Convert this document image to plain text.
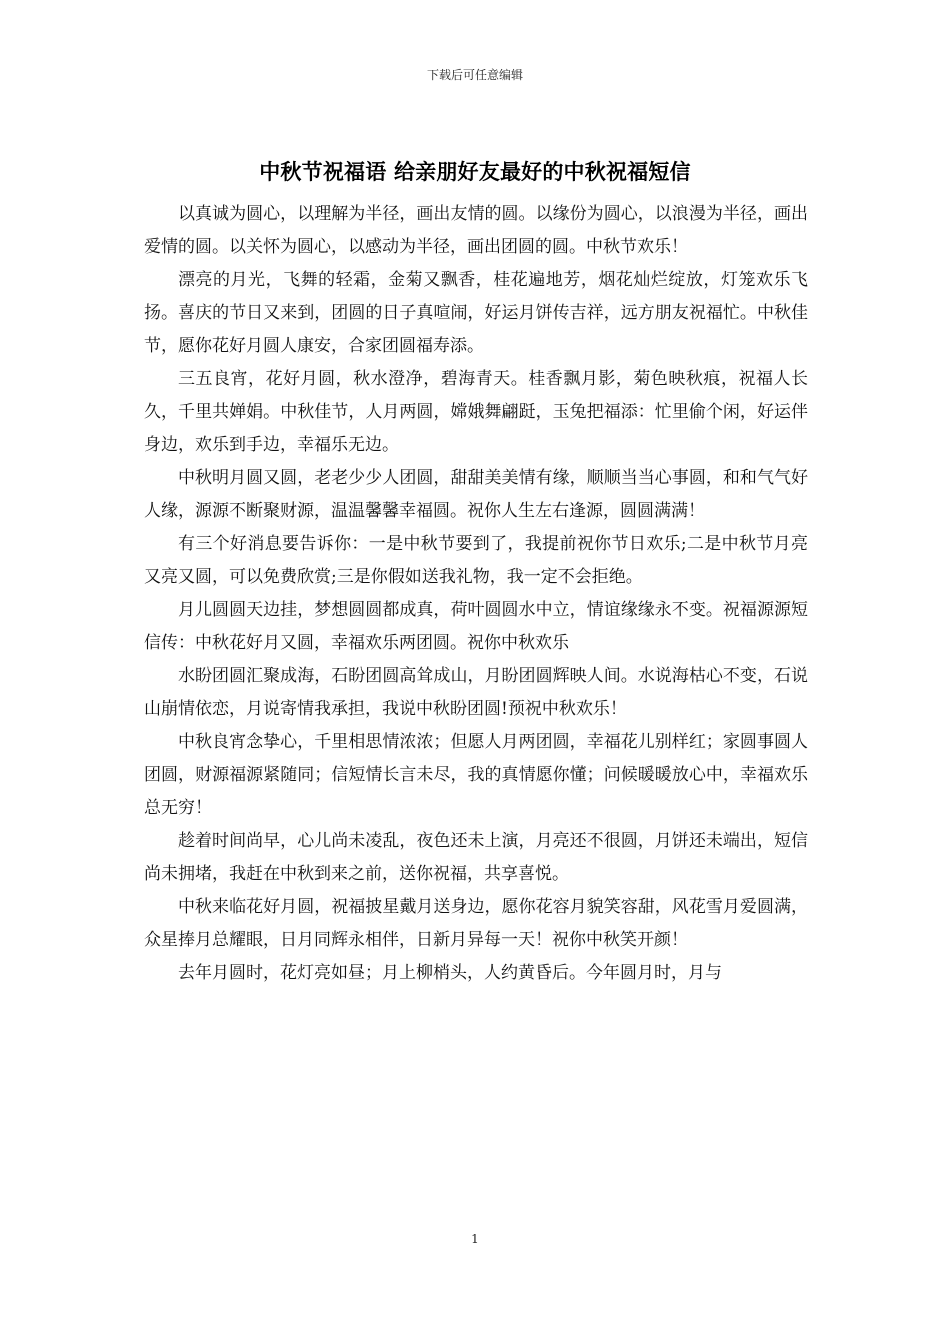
下载后可任意编辑
中秋节祝福语 给亲朋好友最好的中秋祝福短信

以真诚为圆心，以理解为半径，画出友情的圆。以缘份为圆心，以浪漫为半径，画出爱情的圆。以关怀为圆心，以感动为半径，画出团圆的圆。中秋节欢乐！

漂亮的月光，飞舞的轻霜，金菊又飘香，桂花遍地芳，烟花灿烂绽放，灯笼欢乐飞扬。喜庆的节日又来到，团圆的日子真喧闹，好运月饼传吉祥，远方朋友祝福忙。中秋佳节，愿你花好月圆人康安，合家团圆福寿添。

三五良宵，花好月圆，秋水澄净，碧海青天。桂香飘月影，菊色映秋痕，祝福人长久，千里共婵娟。中秋佳节，人月两圆，嫦娥舞翩跹，玉兔把福添：忙里偷个闲，好运伴身边，欢乐到手边，幸福乐无边。

中秋明月圆又圆，老老少少人团圆，甜甜美美情有缘，顺顺当当心事圆，和和气气好人缘，源源不断聚财源，温温馨馨幸福圆。祝你人生左右逢源，圆圆满满！

有三个好消息要告诉你：一是中秋节要到了，我提前祝你节日欢乐;二是中秋节月亮又亮又圆，可以免费欣赏;三是你假如送我礼物，我一定不会拒绝。

月儿圆圆天边挂，梦想圆圆都成真，荷叶圆圆水中立，情谊缘缘永不变。祝福源源短信传：中秋花好月又圆，幸福欢乐两团圆。祝你中秋欢乐

水盼团圆汇聚成海，石盼团圆高耸成山，月盼团圆辉映人间。水说海枯心不变，石说山崩情依恋，月说寄情我承担，我说中秋盼团圆!预祝中秋欢乐！

中秋良宵念挚心，千里相思情浓浓；但愿人月两团圆，幸福花儿别样红；家圆事圆人团圆，财源福源紧随同；信短情长言未尽，我的真情愿你懂；问候暖暖放心中，幸福欢乐总无穷！

趁着时间尚早，心儿尚未凌乱，夜色还未上演，月亮还不很圆，月饼还未端出，短信尚未拥堵，我赶在中秋到来之前，送你祝福，共享喜悦。

中秋来临花好月圆，祝福披星戴月送身边，愿你花容月貌笑容甜，风花雪月爱圆满，众星捧月总耀眼，日月同辉永相伴，日新月异每一天！祝你中秋笑开颜！

去年月圆时，花灯亮如昼；月上柳梢头，人约黄昏后。今年圆月时，月与

1
